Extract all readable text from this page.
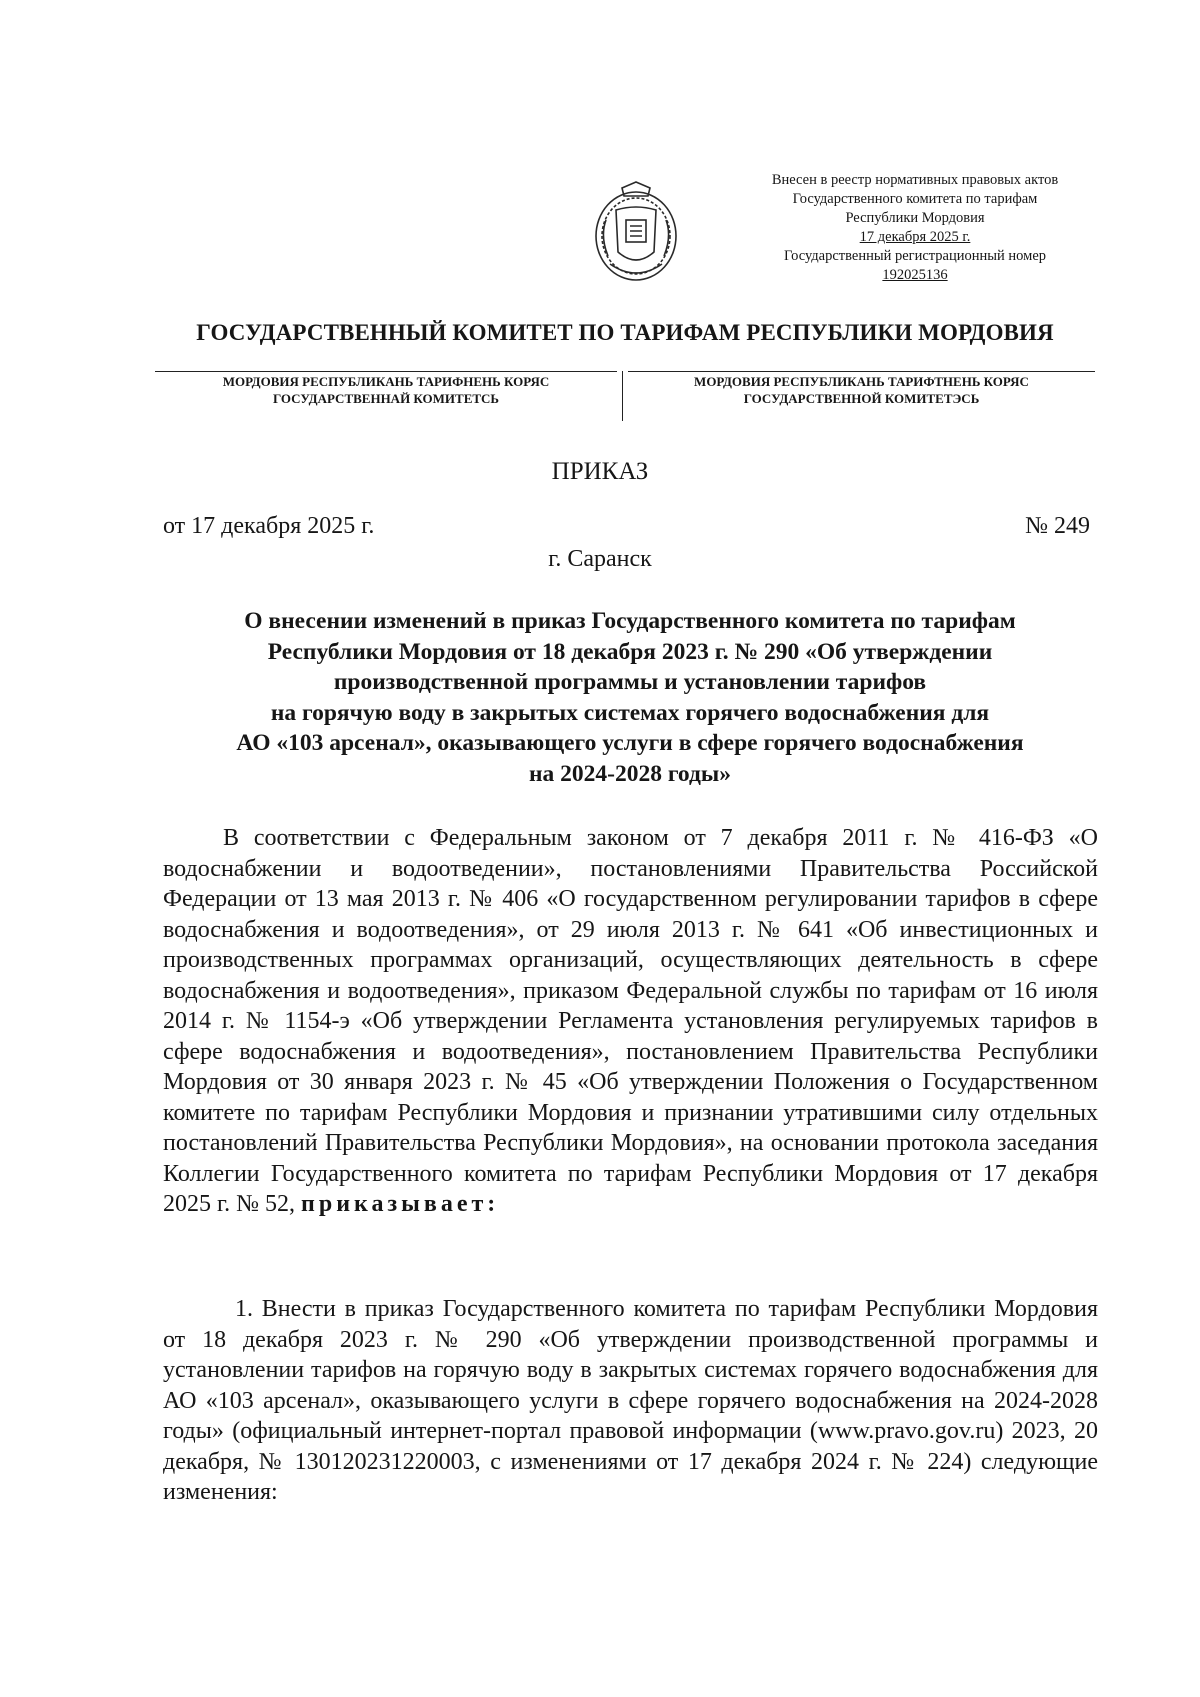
Внесен в реестр нормативных правовых актов
Государственного комитета по тарифам
Республики Мордовия
17 декабря 2025 г.
Государственный регистрационный номер
192025136
ГОСУДАРСТВЕННЫЙ КОМИТЕТ ПО ТАРИФАМ РЕСПУБЛИКИ МОРДОВИЯ
МОРДОВИЯ РЕСПУБЛИКАНЬ ТАРИФНЕНЬ КОРЯС
ГОСУДАРСТВЕННАЙ КОМИТЕТСЬ
МОРДОВИЯ РЕСПУБЛИКАНЬ ТАРИФТНЕНЬ КОРЯС
ГОСУДАРСТВЕННОЙ КОМИТЕТЭСЬ
ПРИКАЗ
от 17 декабря 2025 г.	№ 249
г. Саранск
О внесении изменений в приказ Государственного комитета по тарифам
Республики Мордовия от 18 декабря 2023 г. № 290 «Об утверждении
производственной программы и установлении тарифов
на горячую воду в закрытых системах горячего водоснабжения для
АО «103 арсенал», оказывающего услуги в сфере горячего водоснабжения
на 2024-2028 годы»
В соответствии с Федеральным законом от 7 декабря 2011 г. № 416-ФЗ «О водоснабжении и водоотведении», постановлениями Правительства Российской Федерации от 13 мая 2013 г. № 406 «О государственном регулировании тарифов в сфере водоснабжения и водоотведения», от 29 июля 2013 г. № 641 «Об инвестиционных и производственных программах организаций, осуществляющих деятельность в сфере водоснабжения и водоотведения», приказом Федеральной службы по тарифам от 16 июля 2014 г. № 1154-э «Об утверждении Регламента установления регулируемых тарифов в сфере водоснабжения и водоотведения», постановлением Правительства Республики Мордовия от 30 января 2023 г. № 45 «Об утверждении Положения о Государственном комитете по тарифам Республики Мордовия и признании утратившими силу отдельных постановлений Правительства Республики Мордовия», на основании протокола заседания Коллегии Государственного комитета по тарифам Республики Мордовия от 17 декабря 2025 г. № 52, приказывает:
1. Внести в приказ Государственного комитета по тарифам Республики Мордовия от 18 декабря 2023 г. № 290 «Об утверждении производственной программы и установлении тарифов на горячую воду в закрытых системах горячего водоснабжения для АО «103 арсенал», оказывающего услуги в сфере горячего водоснабжения на 2024-2028 годы» (официальный интернет-портал правовой информации (www.pravo.gov.ru) 2023, 20 декабря, № 130120231220003, с изменениями от 17 декабря 2024 г. № 224) следующие изменения:
